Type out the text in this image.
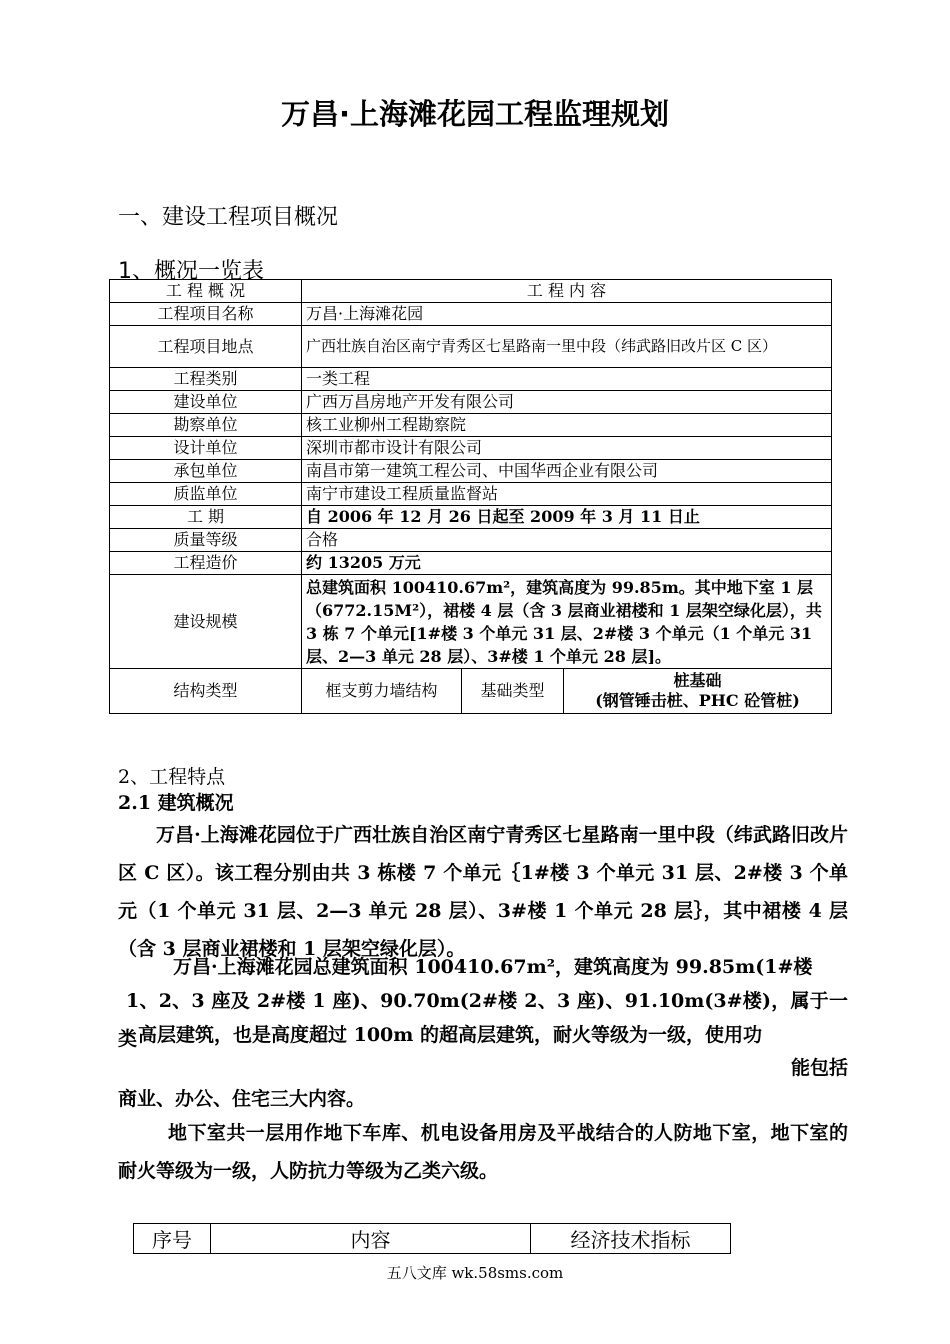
万昌·上海滩花园工程监理规划
一、建设工程项目概况
1、概况一览表
工 程 概 况	工 程 内 容		
工程项目名称	万昌·上海滩花园		
工程项目地点	广西壮族自治区南宁青秀区七星路南一里中段（纬武路旧改片区 C 区）		
工程类别	一类工程		
建设单位	广西万昌房地产开发有限公司		
勘察单位	核工业柳州工程勘察院		
设计单位	深圳市都市设计有限公司		
承包单位	南昌市第一建筑工程公司、中国华西企业有限公司		
质监单位	南宁市建设工程质量监督站		
工 期	自 2006 年 12 月 26 日起至 2009 年 3 月 11 日止		
质量等级	合格		
工程造价	约 13205 万元		
建设规模	总建筑面积 100410.67m²，建筑高度为 99.85m。其中地下室 1 层（6772.15M²），裙楼 4 层（含 3 层商业裙楼和 1 层架空绿化层），共 3 栋 7 个单元[1#楼 3 个单元 31 层、2#楼 3 个单元（1 个单元 31 层、2—3 单元 28 层）、3#楼 1 个单元 28 层]。		
结构类型	框支剪力墙结构	基础类型	桩基础
(钢管锤击桩、PHC 砼管桩)
2、工程特点
2.1 建筑概况
万昌·上海滩花园位于广西壮族自治区南宁青秀区七星路南一里中段（纬武路旧改片区 C 区）。该工程分别由共 3 栋楼 7 个单元｛1#楼 3 个单元 31 层、2#楼 3 个单元（1 个单元 31 层、2—3 单元 28 层）、3#楼 1 个单元 28 层｝，其中裙楼 4 层（含 3 层商业裙楼和 1 层架空绿化层）。
万昌·上海滩花园总建筑面积 100410.67m²，建筑高度为 99.85m(1#楼
1、2、3 座及 2#楼 1 座)、90.70m(2#楼 2、3 座)、91.10m(3#楼)，属于一类 高层建筑，也是高度超过 100m 的超高层建筑，耐火等级为一级，使用功
能包括
商业、办公、住宅三大内容。
地下室共一层用作地下车库、机电设备用房及平战结合的人防地下室，地下室的耐火等级为一级，人防抗力等级为乙类六级。
序号	内容	经济技术指标
五八文库 wk.58sms.com
